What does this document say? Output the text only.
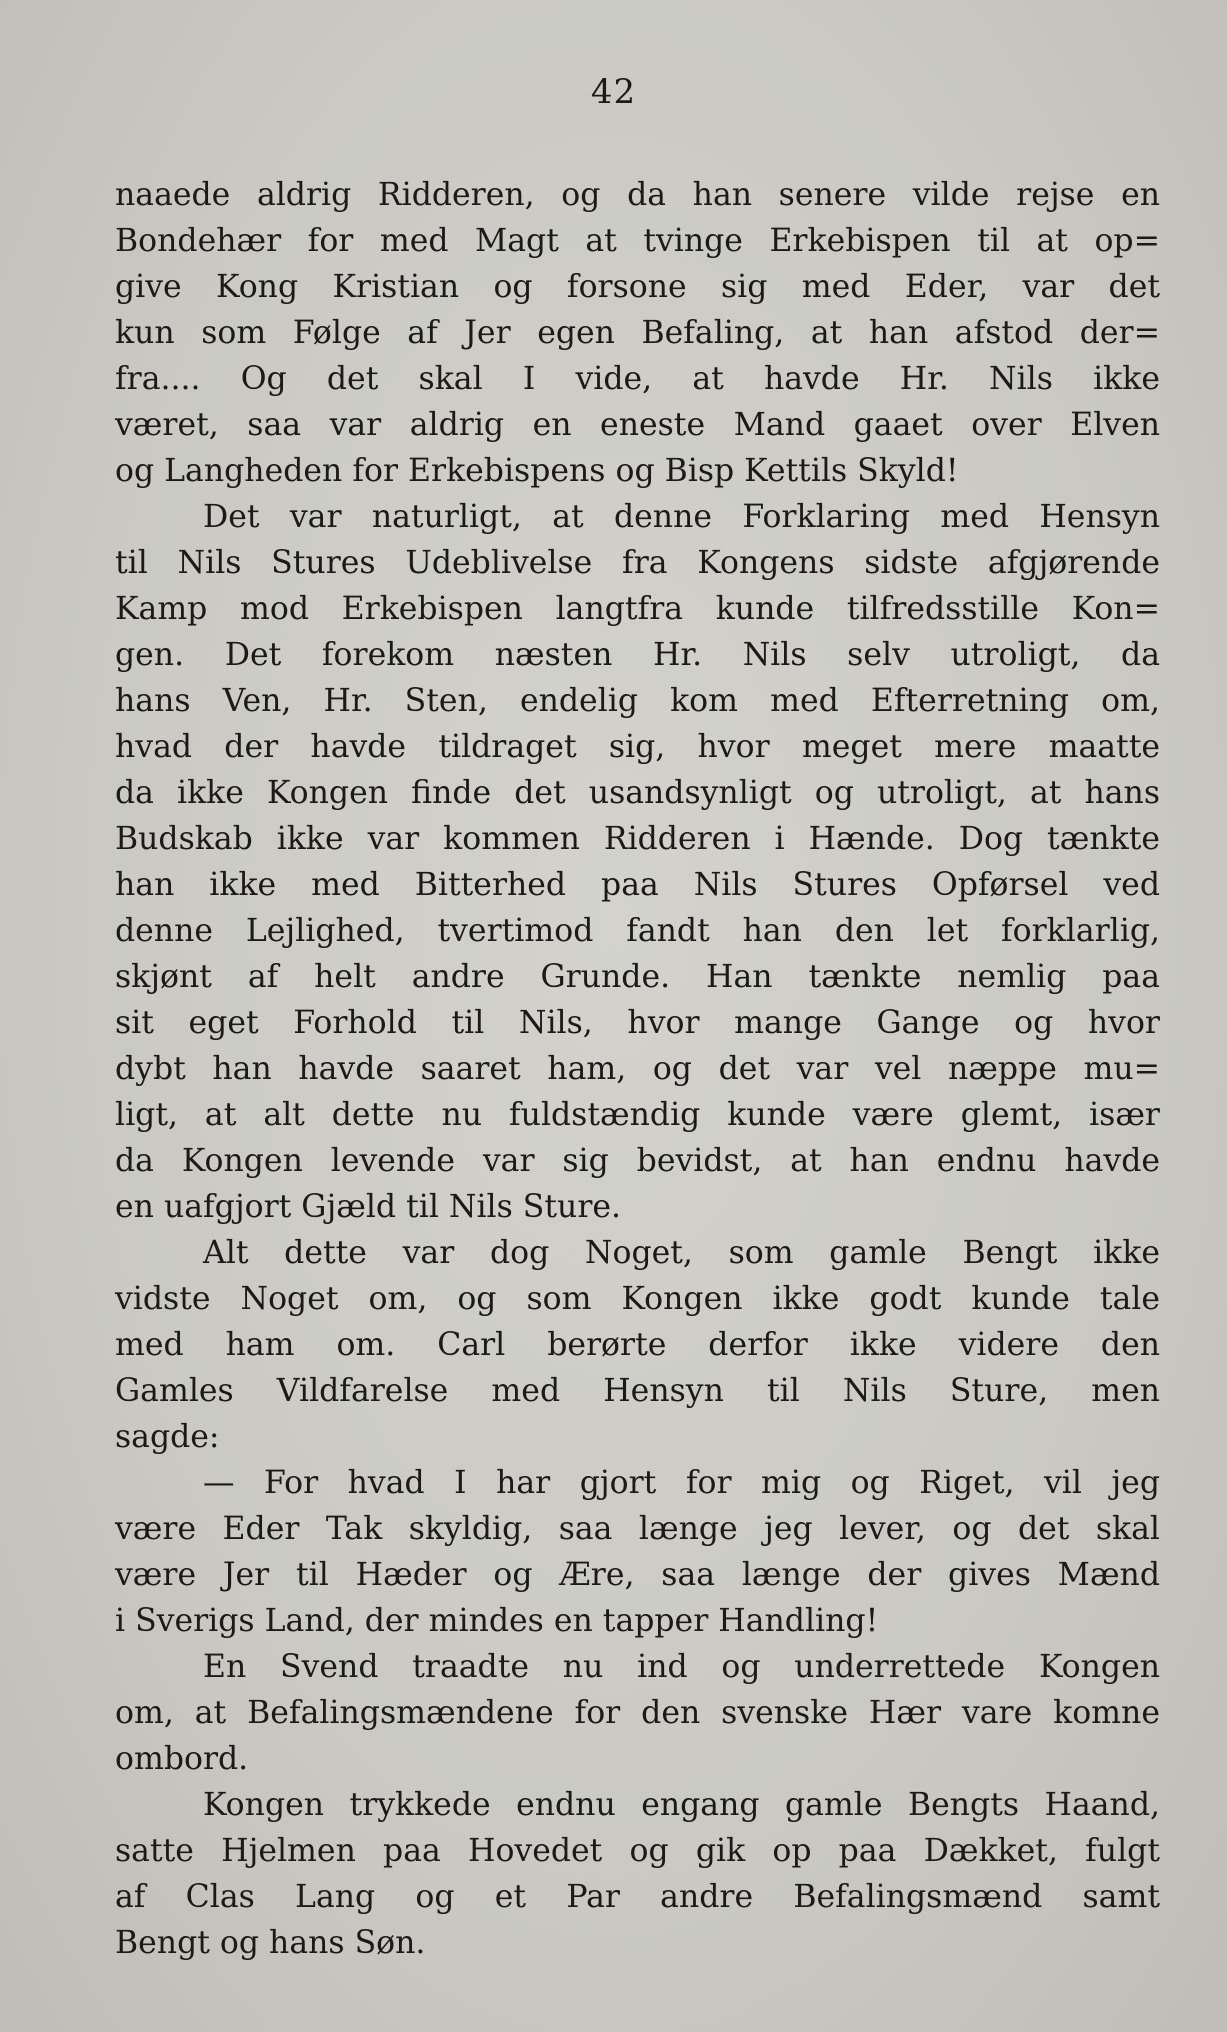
42
naaede aldrig Ridderen, og da han senere vilde rejse en
Bondehær for med Magt at tvinge Erkebispen til at op=
give Kong Kristian og forsone sig med Eder, var det
kun som Følge af Jer egen Befaling, at han afstod der=
fra.... Og det skal I vide, at havde Hr. Nils ikke
været, saa var aldrig en eneste Mand gaaet over Elven
og Langheden for Erkebispens og Bisp Kettils Skyld!
Det var naturligt, at denne Forklaring med Hensyn
til Nils Stures Udeblivelse fra Kongens sidste afgjørende
Kamp mod Erkebispen langtfra kunde tilfredsstille Kon=
gen. Det forekom næsten Hr. Nils selv utroligt, da
hans Ven, Hr. Sten, endelig kom med Efterretning om,
hvad der havde tildraget sig, hvor meget mere maatte
da ikke Kongen finde det usandsynligt og utroligt, at hans
Budskab ikke var kommen Ridderen i Hænde. Dog tænkte
han ikke med Bitterhed paa Nils Stures Opførsel ved
denne Lejlighed, tvertimod fandt han den let forklarlig,
skjønt af helt andre Grunde. Han tænkte nemlig paa
sit eget Forhold til Nils, hvor mange Gange og hvor
dybt han havde saaret ham, og det var vel næppe mu=
ligt, at alt dette nu fuldstændig kunde være glemt, især
da Kongen levende var sig bevidst, at han endnu havde
en uafgjort Gjæld til Nils Sture.
Alt dette var dog Noget, som gamle Bengt ikke
vidste Noget om, og som Kongen ikke godt kunde tale
med ham om. Carl berørte derfor ikke videre den
Gamles Vildfarelse med Hensyn til Nils Sture, men
sagde:
— For hvad I har gjort for mig og Riget, vil jeg
være Eder Tak skyldig, saa længe jeg lever, og det skal
være Jer til Hæder og Ære, saa længe der gives Mænd
i Sverigs Land, der mindes en tapper Handling!
En Svend traadte nu ind og underrettede Kongen
om, at Befalingsmændene for den svenske Hær vare komne
ombord.
Kongen trykkede endnu engang gamle Bengts Haand,
satte Hjelmen paa Hovedet og gik op paa Dækket, fulgt
af Clas Lang og et Par andre Befalingsmænd samt
Bengt og hans Søn.
